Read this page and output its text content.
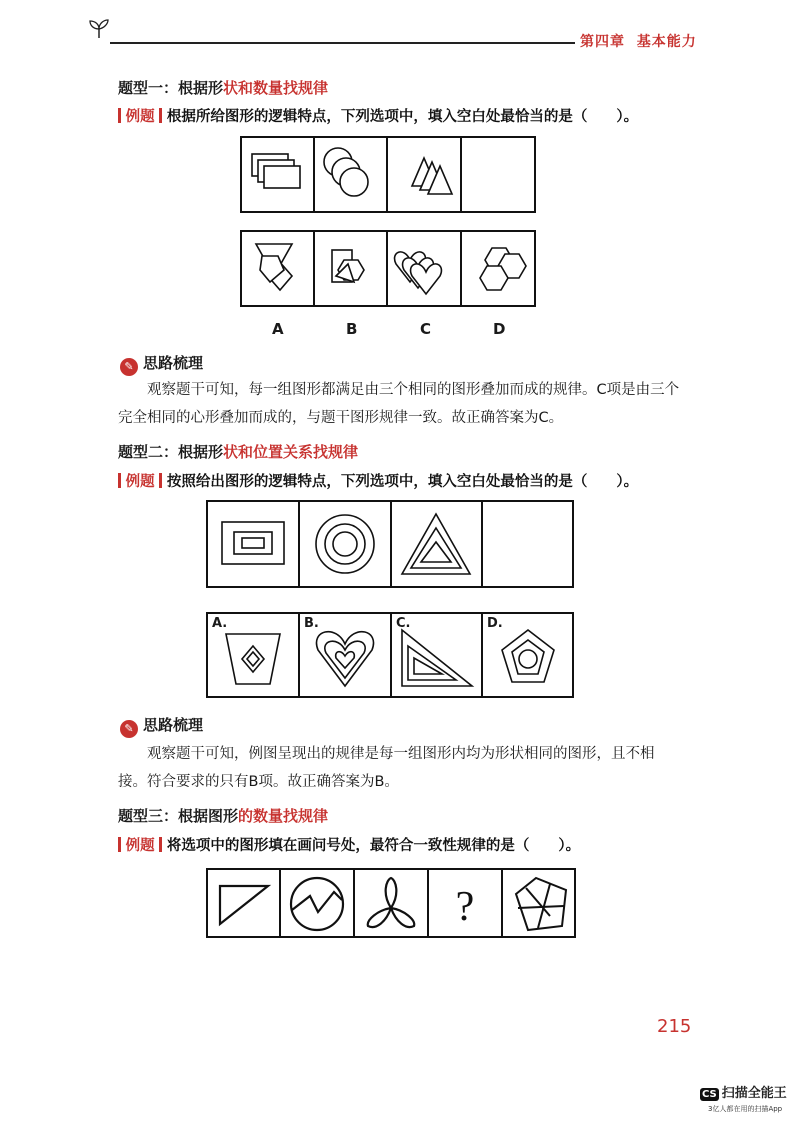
第四章 基本能力
题型一：根据形状和数量找规律
例题 根据所给图形的逻辑特点，下列选项中，填入空白处最恰当的是（　　）。
A	B	C	D
✎ 思路梳理

观察题干可知，每一组图形都满足由三个相同的图形叠加而成的规律。C项是由三个完全相同的心形叠加而成的，与题干图形规律一致。故正确答案为C。

题型二：根据形状和位置关系找规律
例题 按照给出图形的逻辑特点，下列选项中，填入空白处最恰当的是（　　）。
A.	B.	C.	D.
✎ 思路梳理

观察题干可知，例图呈现出的规律是每一组图形内均为形状相同的图形，且不相接。符合要求的只有B项。故正确答案为B。

题型三：根据图形的数量找规律
例题 将选项中的图形填在画问号处，最符合一致性规律的是（　　）。
?
215
CS 扫描全能王
3亿人都在用的扫描App
